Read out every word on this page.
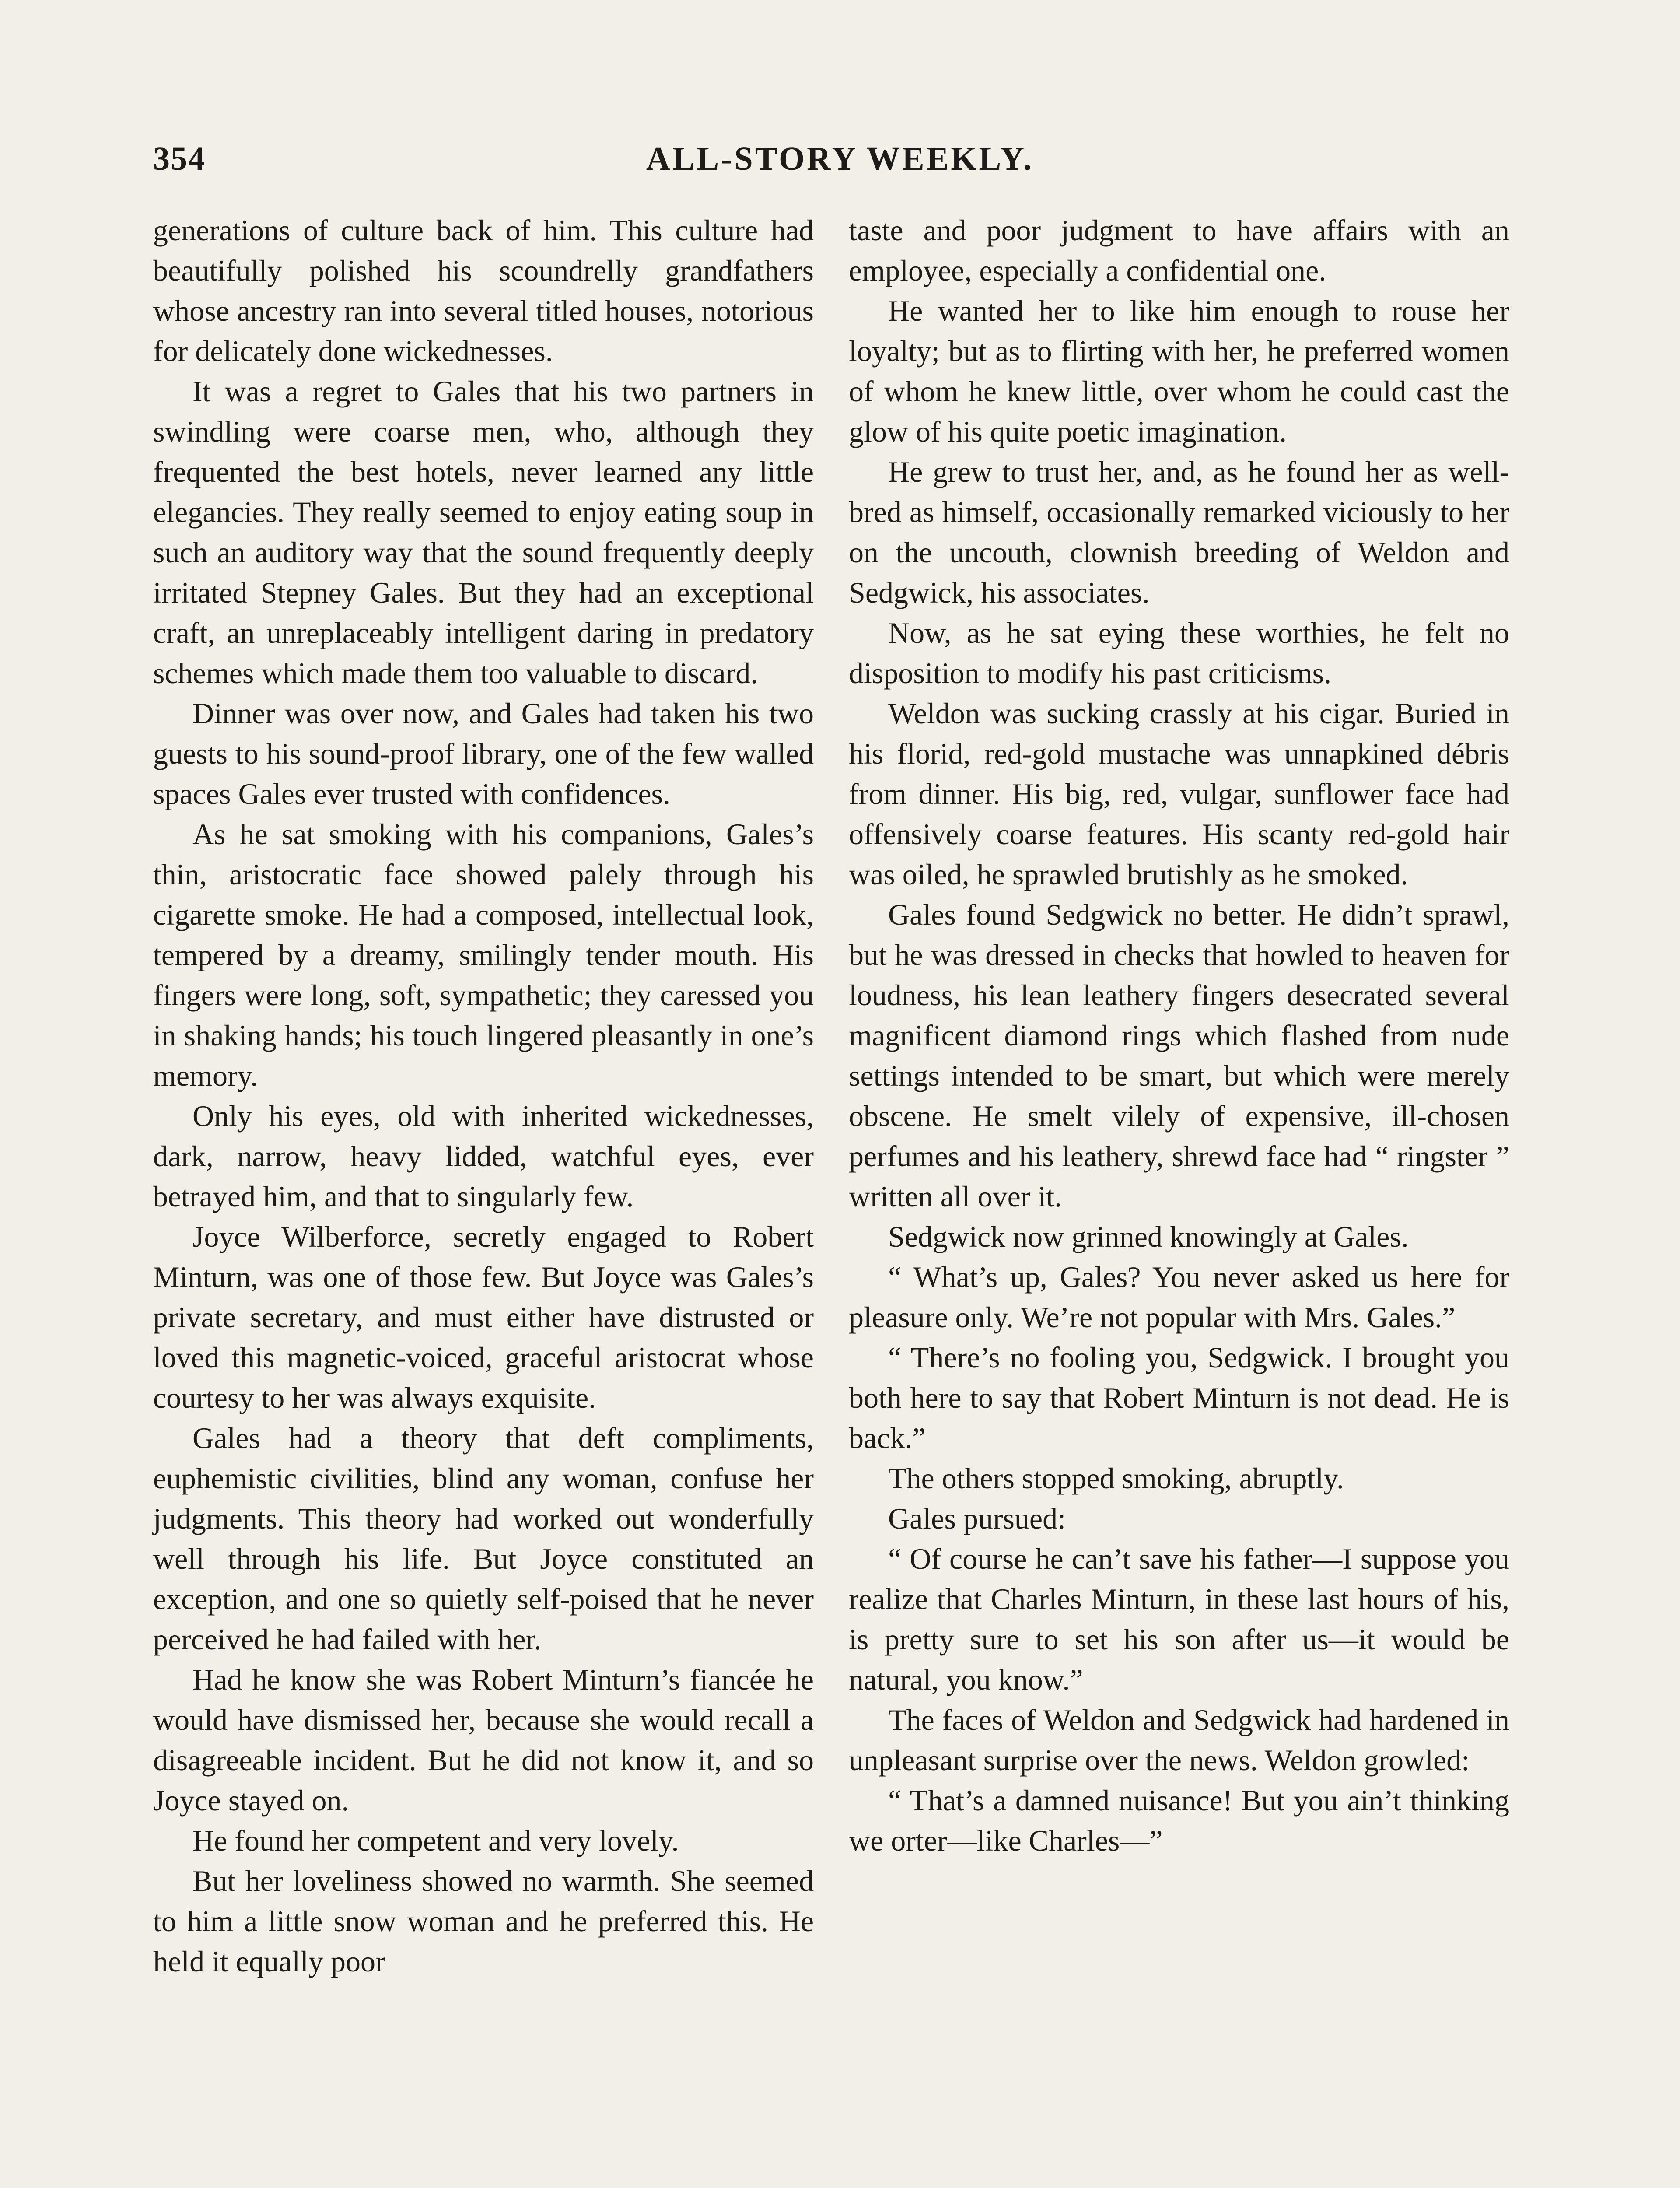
354	ALL-STORY WEEKLY.

generations of culture back of him. This culture had beautifully polished his scoundrelly grandfathers whose ancestry ran into several titled houses, notorious for delicately done wickednesses.

It was a regret to Gales that his two partners in swindling were coarse men, who, although they frequented the best hotels, never learned any little elegancies. They really seemed to enjoy eating soup in such an auditory way that the sound frequently deeply irritated Stepney Gales. But they had an exceptional craft, an unreplaceably intelligent daring in predatory schemes which made them too valuable to discard.

Dinner was over now, and Gales had taken his two guests to his sound-proof library, one of the few walled spaces Gales ever trusted with confidences.

As he sat smoking with his companions, Gales’s thin, aristocratic face showed palely through his cigarette smoke. He had a composed, intellectual look, tempered by a dreamy, smilingly tender mouth. His fingers were long, soft, sympathetic; they caressed you in shaking hands; his touch lingered pleasantly in one’s memory.

Only his eyes, old with inherited wickednesses, dark, narrow, heavy lidded, watchful eyes, ever betrayed him, and that to singularly few.

Joyce Wilberforce, secretly engaged to Robert Minturn, was one of those few. But Joyce was Gales’s private secretary, and must either have distrusted or loved this magnetic-voiced, graceful aristocrat whose courtesy to her was always exquisite.

Gales had a theory that deft compliments, euphemistic civilities, blind any woman, confuse her judgments. This theory had worked out wonderfully well through his life. But Joyce constituted an exception, and one so quietly self-poised that he never perceived he had failed with her.

Had he know she was Robert Minturn’s fiancée he would have dismissed her, because she would recall a disagreeable incident. But he did not know it, and so Joyce stayed on.

He found her competent and very lovely.

But her loveliness showed no warmth. She seemed to him a little snow woman and he preferred this. He held it equally poor

taste and poor judgment to have affairs with an employee, especially a confidential one.

He wanted her to like him enough to rouse her loyalty; but as to flirting with her, he preferred women of whom he knew little, over whom he could cast the glow of his quite poetic imagination.

He grew to trust her, and, as he found her as well-bred as himself, occasionally remarked viciously to her on the uncouth, clownish breeding of Weldon and Sedgwick, his associates.

Now, as he sat eying these worthies, he felt no disposition to modify his past criticisms.

Weldon was sucking crassly at his cigar. Buried in his florid, red-gold mustache was unnapkined débris from dinner. His big, red, vulgar, sunflower face had offensively coarse features. His scanty red-gold hair was oiled, he sprawled brutishly as he smoked.

Gales found Sedgwick no better. He didn’t sprawl, but he was dressed in checks that howled to heaven for loudness, his lean leathery fingers desecrated several magnificent diamond rings which flashed from nude settings intended to be smart, but which were merely obscene. He smelt vilely of expensive, ill-chosen perfumes and his leathery, shrewd face had “ ringster ” written all over it.

Sedgwick now grinned knowingly at Gales.

“ What’s up, Gales? You never asked us here for pleasure only. We’re not popular with Mrs. Gales.”

“ There’s no fooling you, Sedgwick. I brought you both here to say that Robert Minturn is not dead. He is back.”

The others stopped smoking, abruptly.

Gales pursued:

“ Of course he can’t save his father—I suppose you realize that Charles Minturn, in these last hours of his, is pretty sure to set his son after us—it would be natural, you know.”

The faces of Weldon and Sedgwick had hardened in unpleasant surprise over the news. Weldon growled:

“ That’s a damned nuisance! But you ain’t thinking we orter—like Charles—”
